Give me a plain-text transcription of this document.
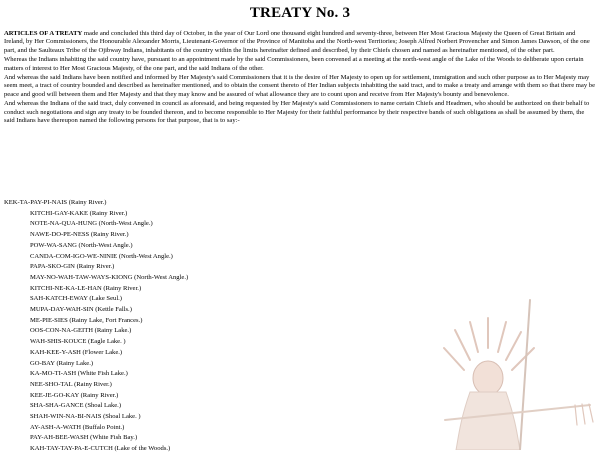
TREATY No. 3

ARTICLES OF A TREATY made and concluded this third day of October, in the year of Our Lord one thousand eight hundred and seventy-three, between Her Most Gracious Majesty the Queen of Great Britain and Ireland, by Her Commissioners, the Honourable Alexander Morris, Lieutenant-Governor of the Province of Manitoba and the North-west Territories; Joseph Alfred Norbert Provencher and Simon James Dawson, of the one part, and the Saulteaux Tribe of the Ojibway Indians, inhabitants of the country within the limits hereinafter defined and described, by their Chiefs chosen and named as hereinafter mentioned, of the other part.

Whereas the Indians inhabiting the said country have, pursuant to an appointment made by the said Commissioners, been convened at a meeting at the north-west angle of the Lake of the Woods to deliberate upon certain matters of interest to Her Most Gracious Majesty, of the one part, and the said Indians of the other.

And whereas the said Indians have been notified and informed by Her Majesty's said Commissioners that it is the desire of Her Majesty to open up for settlement, immigration and such other purpose as to Her Majesty may seem meet, a tract of country bounded and described as hereinafter mentioned, and to obtain the consent thereto of Her Indian subjects inhabiting the said tract, and to make a treaty and arrange with them so that there may be peace and good will between them and Her Majesty and that they may know and be assured of what allowance they are to count upon and receive from Her Majesty's bounty and benevolence.

And whereas the Indians of the said tract, duly convened in council as aforesaid, and being requested by Her Majesty's said Commissioners to name certain Chiefs and Headmen, who should be authorized on their behalf to conduct such negotiations and sign any treaty to be founded thereon, and to become responsible to Her Majesty for their faithful performance by their respective bands of such obligations as shall be assumed by them, the said Indians have thereupon named the following persons for that purpose, that is to say:-

KEK-TA-PAY-PI-NAIS (Rainy River.)
KITCHI-GAY-KAKE (Rainy River.)
NOTE-NA-QUA-HUNG (North-West Angle.)
NAWE-DO-PE-NESS (Rainy River.)
POW-WA-SANG (North-West Angle.)
CANDA-COM-IGO-WE-NINIE (North-West Angle.)
PAPA-SKO-GIN (Rainy River.)
MAY-NO-WAH-TAW-WAYS-KIONG (North-West Angle.)
KITCHI-NE-KA-LE-HAN (Rainy River.)
SAH-KATCH-EWAY (Lake Seul.)
MUPA-DAY-WAH-SIN (Kettle Falls.)
ME-PIE-SIES (Rainy Lake, Fort Frances.)
OOS-CON-NA-GEITH (Rainy Lake.)
WAH-SHIS-KOUCE (Eagle Lake. )
KAH-KEE-Y-ASH (Flower Lake.)
GO-BAY (Rainy Lake.)
KA-MO-TI-ASH (White Fish Lake.)
NEE-SHO-TAL (Rainy River.)
KEE-JE-GO-KAY (Rainy River.)
SHA-SHA-GANCE (Shoal Lake.)
SHAH-WIN-NA-BI-NAIS (Shoal Lake. )
AY-ASH-A-WATH (Buffalo Point.)
PAY-AH-BEE-WASH (White Fish Bay.)
KAH-TAY-TAY-PA-E-CUTCH (Lake of the Woods.)
